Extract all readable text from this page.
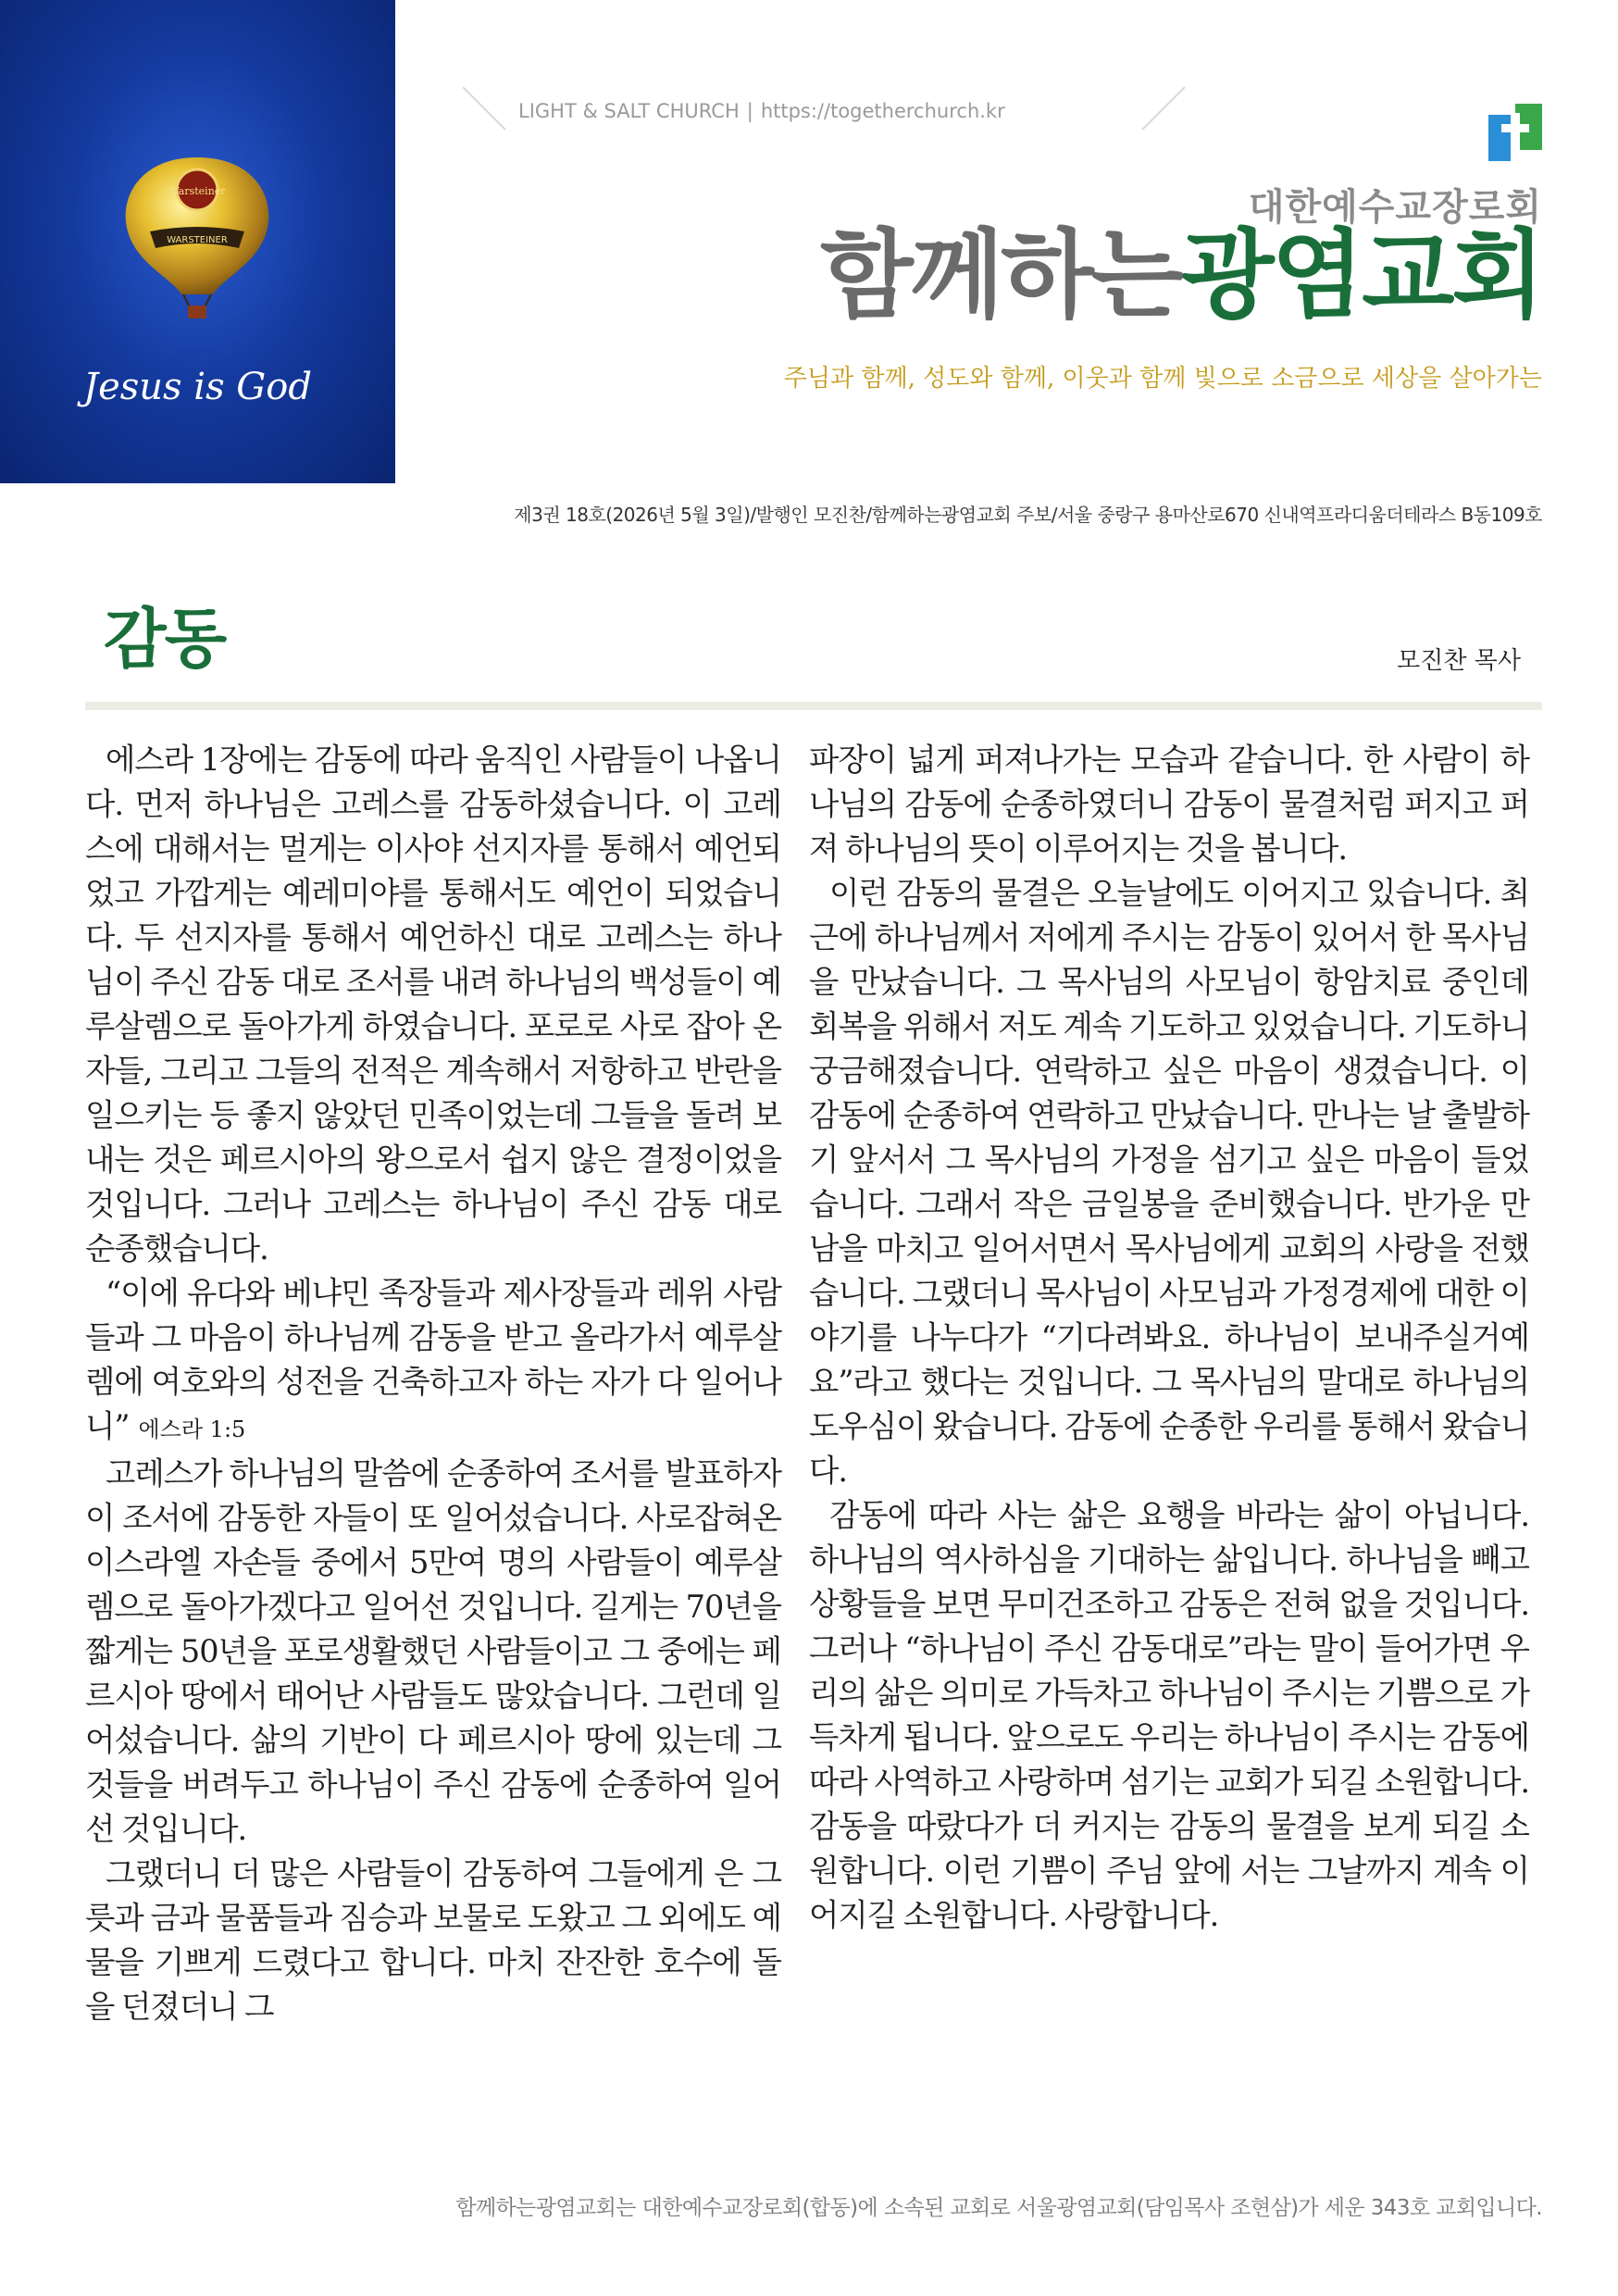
Warsteiner
WARSTEINER
Jesus is God
LIGHT & SALT CHURCH | https://togetherchurch.kr
대한예수교장로회
함께하는광염교회
주님과 함께, 성도와 함께, 이웃과 함께 빛으로 소금으로 세상을 살아가는
제3권 18호(2026년 5월 3일)/발행인 모진찬/함께하는광염교회 주보/서울 중랑구 용마산로670 신내역프라디움더테라스 B동109호
감동	모진찬 목사

에스라 1장에는 감동에 따라 움직인 사람들이 나옵니다. 먼저 하나님은 고레스를 감동하셨습니다. 이 고레스에 대해서는 멀게는 이사야 선지자를 통해서 예언되었고 가깝게는 예레미야를 통해서도 예언이 되었습니다. 두 선지자를 통해서 예언하신 대로 고레스는 하나님이 주신 감동 대로 조서를 내려 하나님의 백성들이 예루살렘으로 돌아가게 하였습니다. 포로로 사로 잡아 온 자들, 그리고 그들의 전적은 계속해서 저항하고 반란을 일으키는 등 좋지 않았던 민족이었는데 그들을 돌려 보내는 것은 페르시아의 왕으로서 쉽지 않은 결정이었을 것입니다. 그러나 고레스는 하나님이 주신 감동 대로 순종했습니다.

“이에 유다와 베냐민 족장들과 제사장들과 레위 사람들과 그 마음이 하나님께 감동을 받고 올라가서 예루살렘에 여호와의 성전을 건축하고자 하는 자가 다 일어나니” 에스라 1:5

고레스가 하나님의 말씀에 순종하여 조서를 발표하자 이 조서에 감동한 자들이 또 일어섰습니다. 사로잡혀온 이스라엘 자손들 중에서 5만여 명의 사람들이 예루살렘으로 돌아가겠다고 일어선 것입니다. 길게는 70년을 짧게는 50년을 포로생활했던 사람들이고 그 중에는 페르시아 땅에서 태어난 사람들도 많았습니다. 그런데 일어섰습니다. 삶의 기반이 다 페르시아 땅에 있는데 그것들을 버려두고 하나님이 주신 감동에 순종하여 일어선 것입니다.

그랬더니 더 많은 사람들이 감동하여 그들에게 은 그릇과 금과 물품들과 짐승과 보물로 도왔고 그 외에도 예물을 기쁘게 드렸다고 합니다. 마치 잔잔한 호수에 돌을 던졌더니 그

파장이 넓게 퍼져나가는 모습과 같습니다. 한 사람이 하나님의 감동에 순종하였더니 감동이 물결처럼 퍼지고 퍼져 하나님의 뜻이 이루어지는 것을 봅니다.

이런 감동의 물결은 오늘날에도 이어지고 있습니다. 최근에 하나님께서 저에게 주시는 감동이 있어서 한 목사님을 만났습니다. 그 목사님의 사모님이 항암치료 중인데 회복을 위해서 저도 계속 기도하고 있었습니다. 기도하니 궁금해졌습니다. 연락하고 싶은 마음이 생겼습니다. 이 감동에 순종하여 연락하고 만났습니다. 만나는 날 출발하기 앞서서 그 목사님의 가정을 섬기고 싶은 마음이 들었습니다. 그래서 작은 금일봉을 준비했습니다. 반가운 만남을 마치고 일어서면서 목사님에게 교회의 사랑을 전했습니다. 그랬더니 목사님이 사모님과 가정경제에 대한 이야기를 나누다가 “기다려봐요. 하나님이 보내주실거예요”라고 했다는 것입니다. 그 목사님의 말대로 하나님의 도우심이 왔습니다. 감동에 순종한 우리를 통해서 왔습니다.

감동에 따라 사는 삶은 요행을 바라는 삶이 아닙니다. 하나님의 역사하심을 기대하는 삶입니다. 하나님을 빼고 상황들을 보면 무미건조하고 감동은 전혀 없을 것입니다. 그러나 “하나님이 주신 감동대로”라는 말이 들어가면 우리의 삶은 의미로 가득차고 하나님이 주시는 기쁨으로 가득차게 됩니다. 앞으로도 우리는 하나님이 주시는 감동에 따라 사역하고 사랑하며 섬기는 교회가 되길 소원합니다. 감동을 따랐다가 더 커지는 감동의 물결을 보게 되길 소원합니다. 이런 기쁨이 주님 앞에 서는 그날까지 계속 이어지길 소원합니다. 사랑합니다.

함께하는광염교회는 대한예수교장로회(합동)에 소속된 교회로 서울광염교회(담임목사 조현삼)가 세운 343호 교회입니다.
